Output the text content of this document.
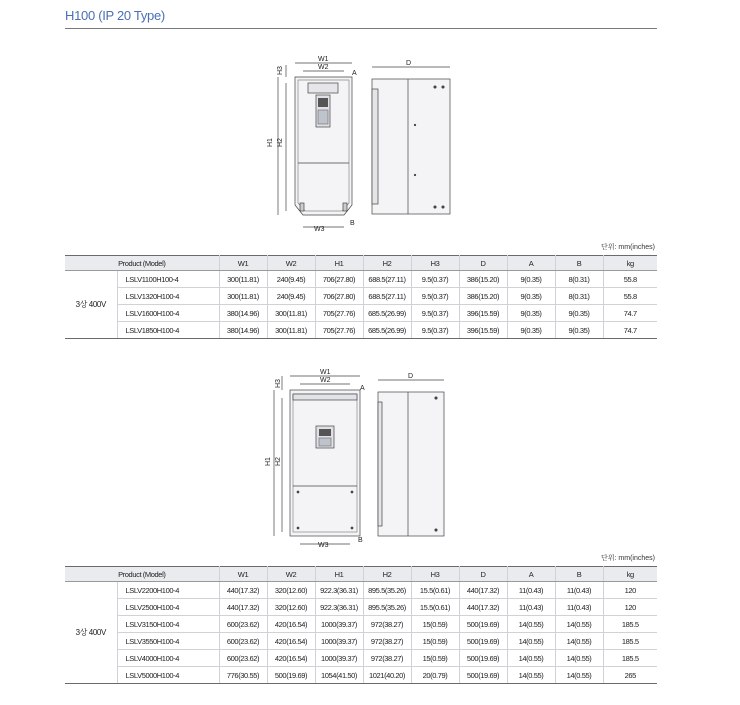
H100 (IP 20 Type)
W1
W2
A
H1 H2
H3
W3
B
D
단위: mm(inches)
Product (Model)		W1	W2	H1	H2	H3	D	A	B	kg
3상 400V	LSLV1100H100-4	300(11.81)	240(9.45)	706(27.80)	688.5(27.11)	9.5(0.37)	386(15.20)	9(0.35)	8(0.31)	55.8
	LSLV1320H100-4	300(11.81)	240(9.45)	706(27.80)	688.5(27.11)	9.5(0.37)	386(15.20)	9(0.35)	8(0.31)	55.8
	LSLV1600H100-4	380(14.96)	300(11.81)	705(27.76)	685.5(26.99)	9.5(0.37)	396(15.59)	9(0.35)	9(0.35)	74.7
	LSLV1850H100-4	380(14.96)	300(11.81)	705(27.76)	685.5(26.99)	9.5(0.37)	396(15.59)	9(0.35)	9(0.35)	74.7
W1
W2
A
H1 H2
H3
W3
B
D
단위: mm(inches)
Product (Model)		W1	W2	H1	H2	H3	D	A	B	kg
3상 400V	LSLV2200H100-4	440(17.32)	320(12.60)	922.3(36.31)	895.5(35.26)	15.5(0.61)	440(17.32)	11(0.43)	11(0.43)	120
	LSLV2500H100-4	440(17.32)	320(12.60)	922.3(36.31)	895.5(35.26)	15.5(0.61)	440(17.32)	11(0.43)	11(0.43)	120
	LSLV3150H100-4	600(23.62)	420(16.54)	1000(39.37)	972(38.27)	15(0.59)	500(19.69)	14(0.55)	14(0.55)	185.5
	LSLV3550H100-4	600(23.62)	420(16.54)	1000(39.37)	972(38.27)	15(0.59)	500(19.69)	14(0.55)	14(0.55)	185.5
	LSLV4000H100-4	600(23.62)	420(16.54)	1000(39.37)	972(38.27)	15(0.59)	500(19.69)	14(0.55)	14(0.55)	185.5
	LSLV5000H100-4	776(30.55)	500(19.69)	1054(41.50)	1021(40.20)	20(0.79)	500(19.69)	14(0.55)	14(0.55)	265
